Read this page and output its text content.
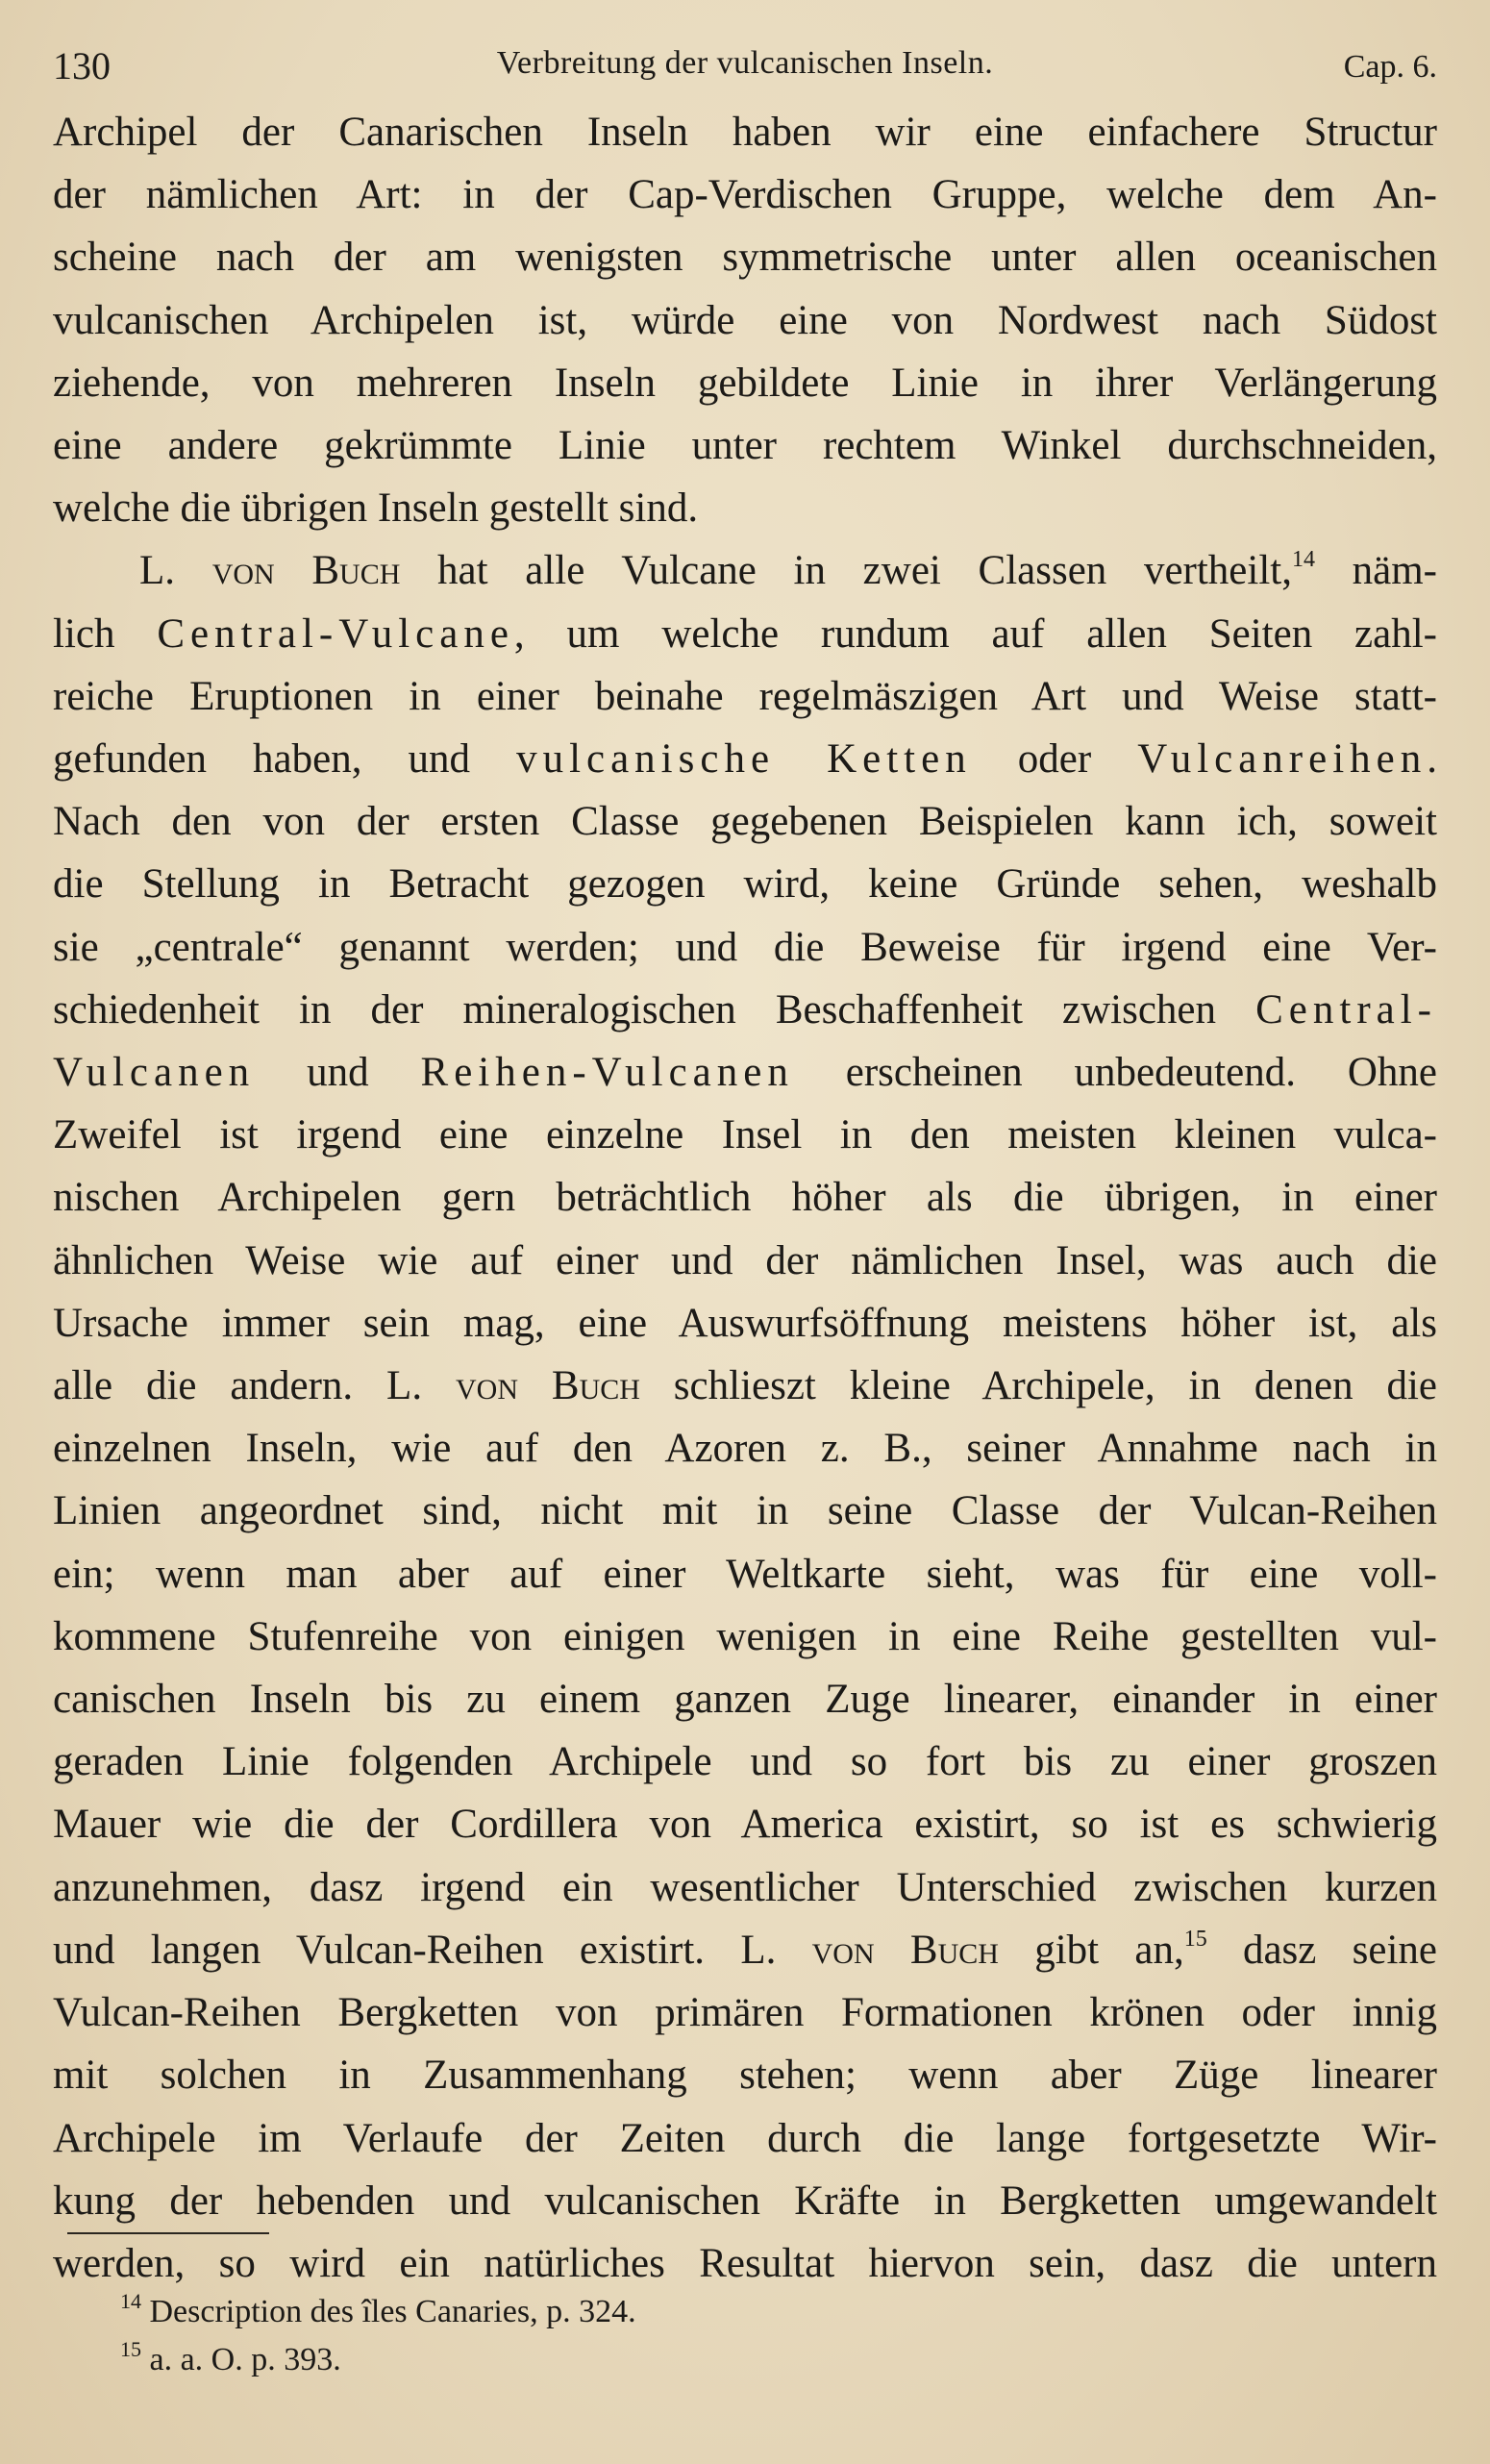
130	Verbreitung der vulcanischen Inseln.	Cap. 6.
Archipel der Canarischen Inseln haben wir eine einfachere Structur
der nämlichen Art: in der Cap-Verdischen Gruppe, welche dem An-
scheine nach der am wenigsten symmetrische unter allen oceanischen
vulcanischen Archipelen ist, würde eine von Nordwest nach Südost
ziehende, von mehreren Inseln gebildete Linie in ihrer Verlängerung
eine andere gekrümmte Linie unter rechtem Winkel durchschneiden,
welche die übrigen Inseln gestellt sind.
L. von Buch hat alle Vulcane in zwei Classen vertheilt,$^{14}$ näm-
lich Central-Vulcane, um welche rundum auf allen Seiten zahl-
reiche Eruptionen in einer beinahe regelmäszigen Art und Weise statt-
gefunden haben, und vulcanische Ketten oder Vulcanreihen.
Nach den von der ersten Classe gegebenen Beispielen kann ich, soweit
die Stellung in Betracht gezogen wird, keine Gründe sehen, weshalb
sie „centrale“ genannt werden; und die Beweise für irgend eine Ver-
schiedenheit in der mineralogischen Beschaffenheit zwischen Central-
Vulcanen und Reihen-Vulcanen erscheinen unbedeutend. Ohne
Zweifel ist irgend eine einzelne Insel in den meisten kleinen vulca-
nischen Archipelen gern beträchtlich höher als die übrigen, in einer
ähnlichen Weise wie auf einer und der nämlichen Insel, was auch die
Ursache immer sein mag, eine Auswurfsöffnung meistens höher ist, als
alle die andern. L. von Buch schlieszt kleine Archipele, in denen die
einzelnen Inseln, wie auf den Azoren z. B., seiner Annahme nach in
Linien angeordnet sind, nicht mit in seine Classe der Vulcan-Reihen
ein; wenn man aber auf einer Weltkarte sieht, was für eine voll-
kommene Stufenreihe von einigen wenigen in eine Reihe gestellten vul-
canischen Inseln bis zu einem ganzen Zuge linearer, einander in einer
geraden Linie folgenden Archipele und so fort bis zu einer groszen
Mauer wie die der Cordillera von America existirt, so ist es schwierig
anzunehmen, dasz irgend ein wesentlicher Unterschied zwischen kurzen
und langen Vulcan-Reihen existirt. L. von Buch gibt an,$^{15}$ dasz seine
Vulcan-Reihen Bergketten von primären Formationen krönen oder innig
mit solchen in Zusammenhang stehen; wenn aber Züge linearer
Archipele im Verlaufe der Zeiten durch die lange fortgesetzte Wir-
kung der hebenden und vulcanischen Kräfte in Bergketten umgewandelt
werden, so wird ein natürliches Resultat hiervon sein, dasz die untern
$^{14}$ Description des îles Canaries, p. 324.
$^{15}$ a. a. O. p. 393.
